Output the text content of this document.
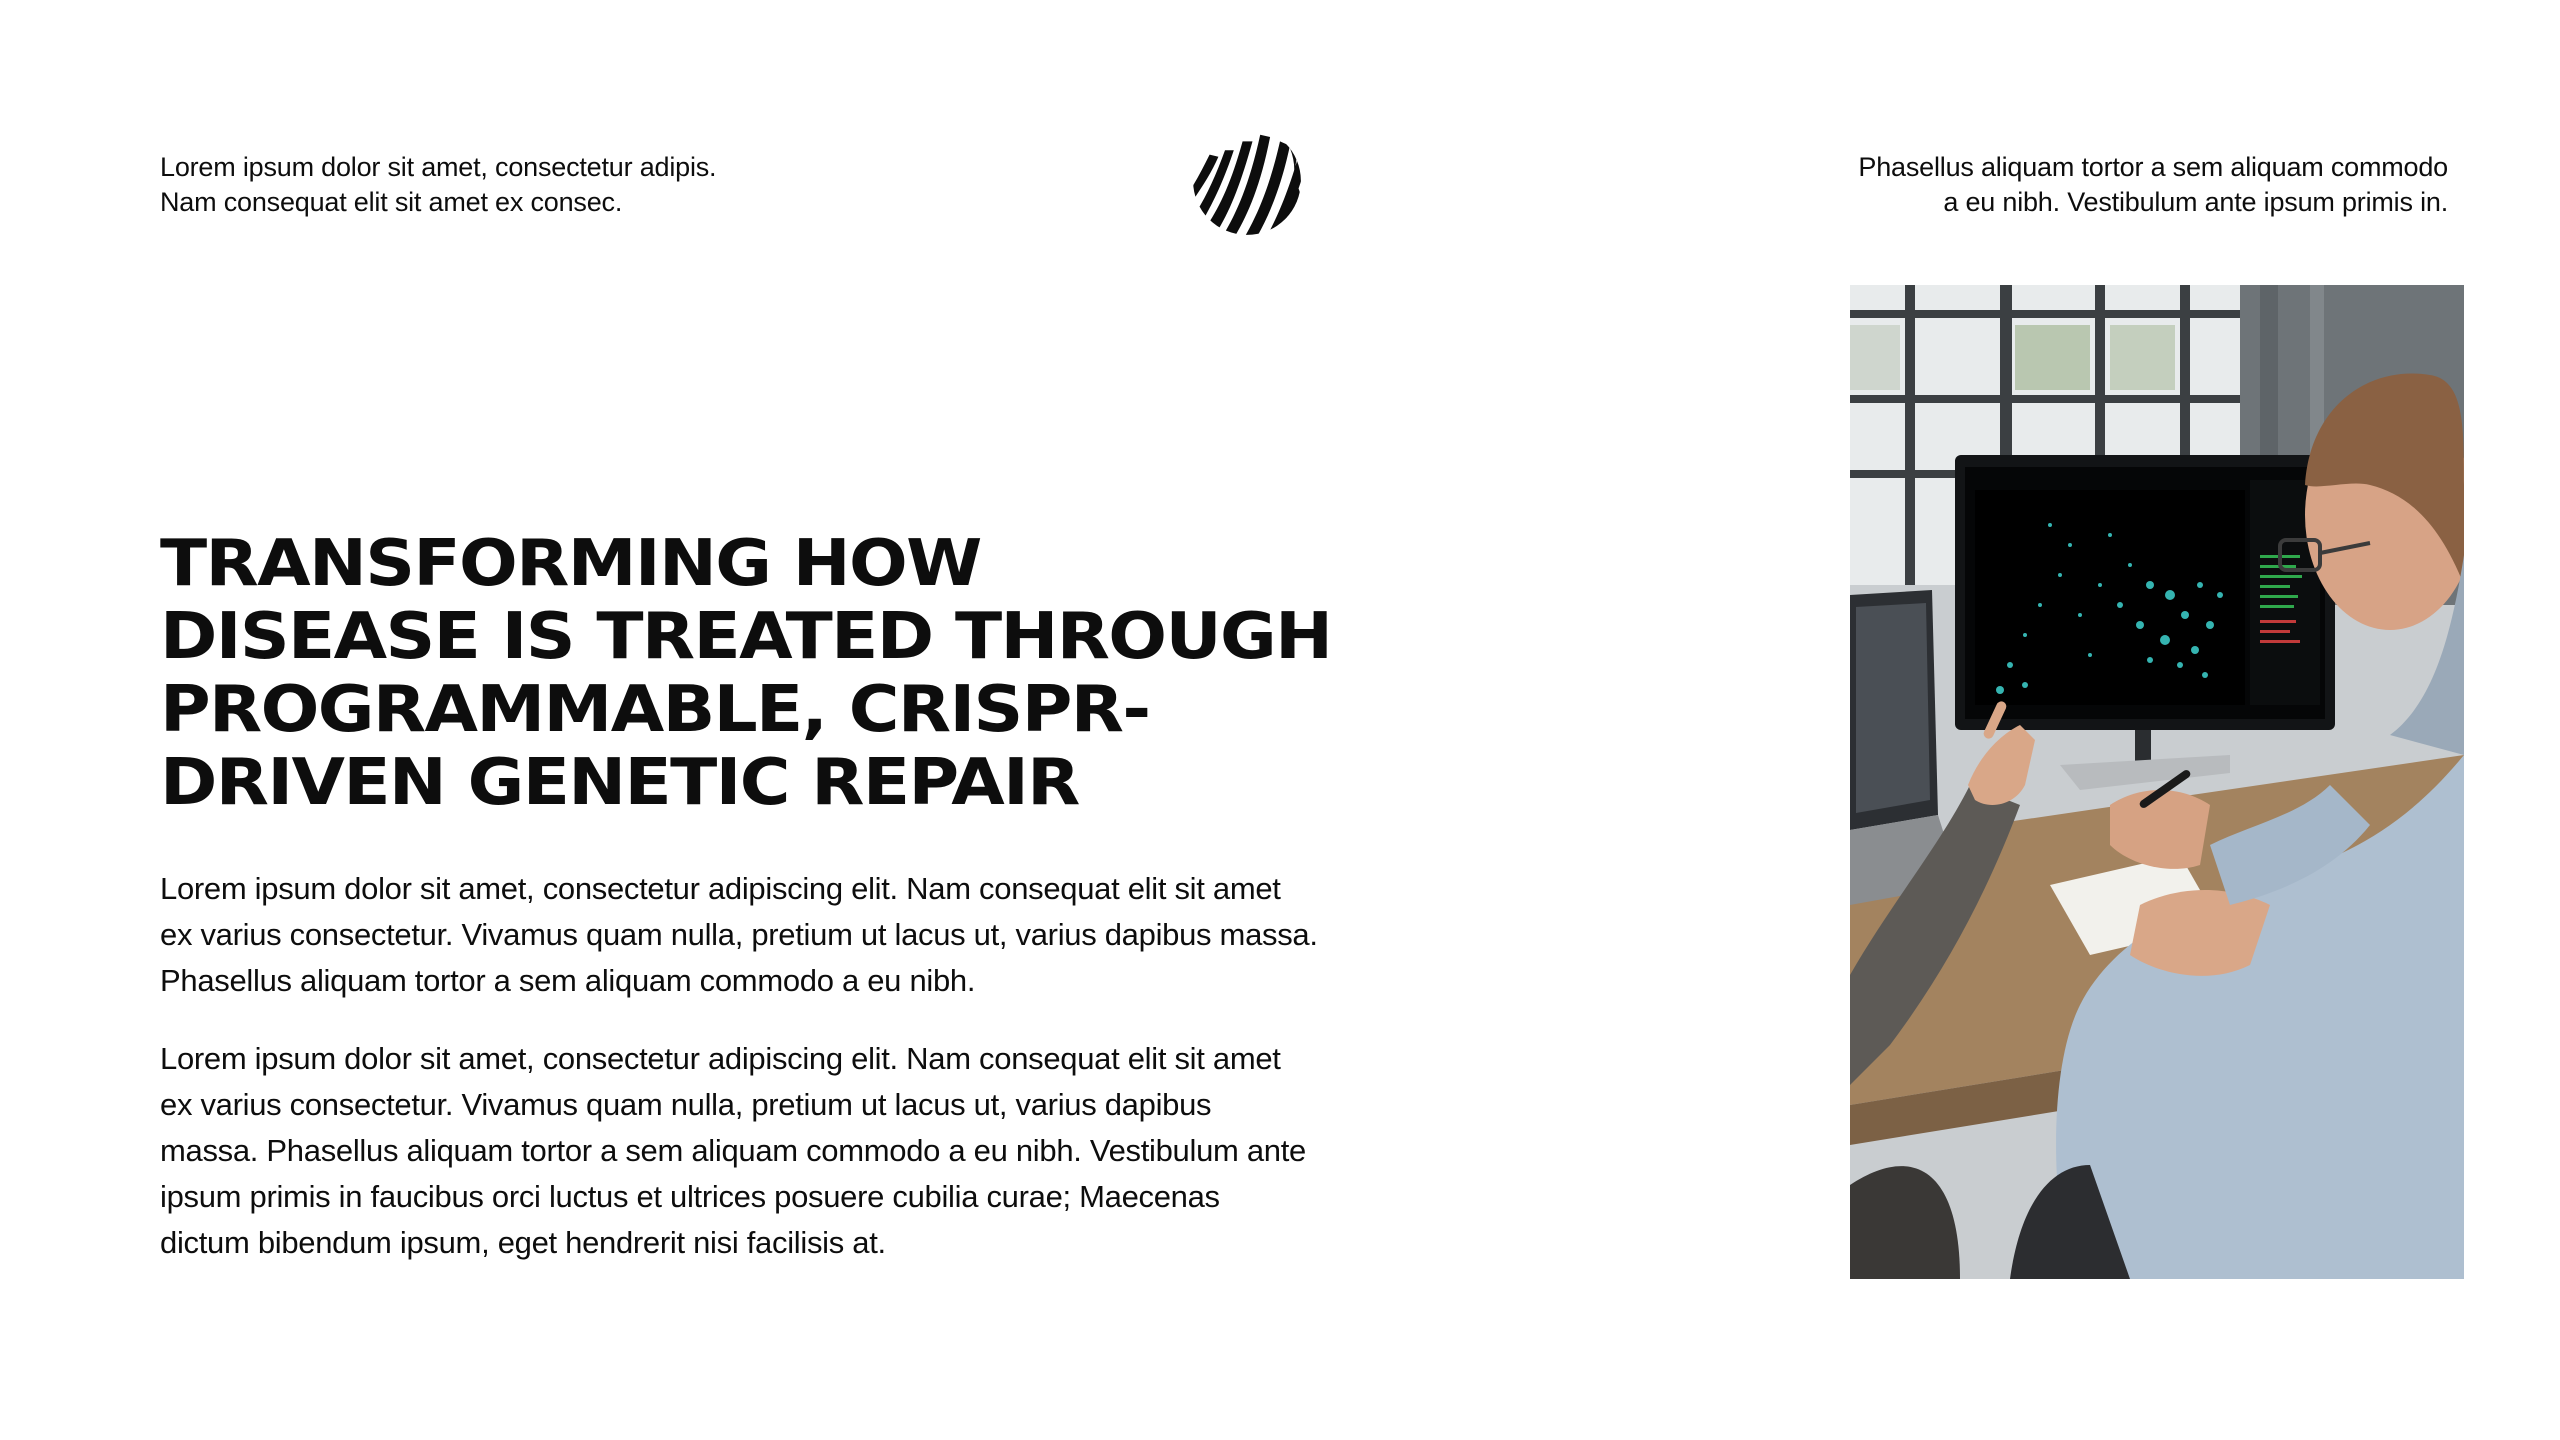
Lorem ipsum dolor sit amet, consectetur adipis.
Nam consequat elit sit amet ex consec.
Phasellus aliquam tortor a sem aliquam commodo
a eu nibh. Vestibulum ante ipsum primis in.
TRANSFORMING HOW
DISEASE IS TREATED THROUGH
PROGRAMMABLE, CRISPR-
DRIVEN GENETIC REPAIR
Lorem ipsum dolor sit amet, consectetur adipiscing elit. Nam consequat elit sit amet
ex varius consectetur. Vivamus quam nulla, pretium ut lacus ut, varius dapibus massa.
Phasellus aliquam tortor a sem aliquam commodo a eu nibh.
Lorem ipsum dolor sit amet, consectetur adipiscing elit. Nam consequat elit sit amet
ex varius consectetur. Vivamus quam nulla, pretium ut lacus ut, varius dapibus
massa. Phasellus aliquam tortor a sem aliquam commodo a eu nibh. Vestibulum ante
ipsum primis in faucibus orci luctus et ultrices posuere cubilia curae; Maecenas
dictum bibendum ipsum, eget hendrerit nisi facilisis at.
